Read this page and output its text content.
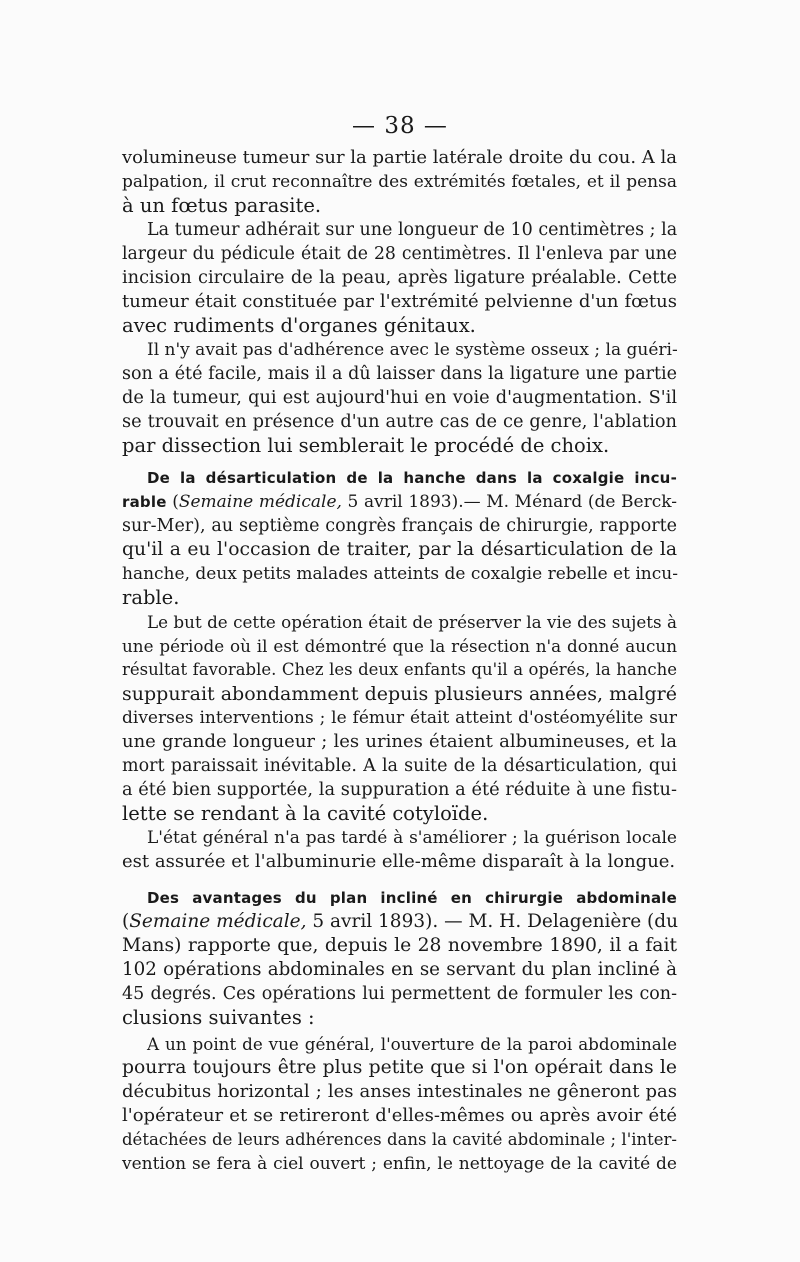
— 38 —
volumineuse tumeur sur la partie latérale droite du cou. A la
palpation, il crut reconnaître des extrémités fœtales, et il pensa
à un fœtus parasite.
La tumeur adhérait sur une longueur de 10 centimètres ; la
largeur du pédicule était de 28 centimètres. Il l'enleva par une
incision circulaire de la peau, après ligature préalable. Cette
tumeur était constituée par l'extrémité pelvienne d'un fœtus
avec rudiments d'organes génitaux.
Il n'y avait pas d'adhérence avec le système osseux ; la guéri-
son a été facile, mais il a dû laisser dans la ligature une partie
de la tumeur, qui est aujourd'hui en voie d'augmentation. S'il
se trouvait en présence d'un autre cas de ce genre, l'ablation
par dissection lui semblerait le procédé de choix.
De la désarticulation de la hanche dans la coxalgie incu-
rable (Semaine médicale, 5 avril 1893).— M. Ménard (de Berck-
sur-Mer), au septième congrès français de chirurgie, rapporte
qu'il a eu l'occasion de traiter, par la désarticulation de la
hanche, deux petits malades atteints de coxalgie rebelle et incu-
rable.
Le but de cette opération était de préserver la vie des sujets à
une période où il est démontré que la résection n'a donné aucun
résultat favorable. Chez les deux enfants qu'il a opérés, la hanche
suppurait abondamment depuis plusieurs années, malgré
diverses interventions ; le fémur était atteint d'ostéomyélite sur
une grande longueur ; les urines étaient albumineuses, et la
mort paraissait inévitable. A la suite de la désarticulation, qui
a été bien supportée, la suppuration a été réduite à une fistu-
lette se rendant à la cavité cotyloïde.
L'état général n'a pas tardé à s'améliorer ; la guérison locale
est assurée et l'albuminurie elle-même disparaît à la longue.
Des avantages du plan incliné en chirurgie abdominale
(Semaine médicale, 5 avril 1893). — M. H. Delagenière (du
Mans) rapporte que, depuis le 28 novembre 1890, il a fait
102 opérations abdominales en se servant du plan incliné à
45 degrés. Ces opérations lui permettent de formuler les con-
clusions suivantes :
A un point de vue général, l'ouverture de la paroi abdominale
pourra toujours être plus petite que si l'on opérait dans le
décubitus horizontal ; les anses intestinales ne gêneront pas
l'opérateur et se retireront d'elles-mêmes ou après avoir été
détachées de leurs adhérences dans la cavité abdominale ; l'inter-
vention se fera à ciel ouvert ; enfin, le nettoyage de la cavité de
